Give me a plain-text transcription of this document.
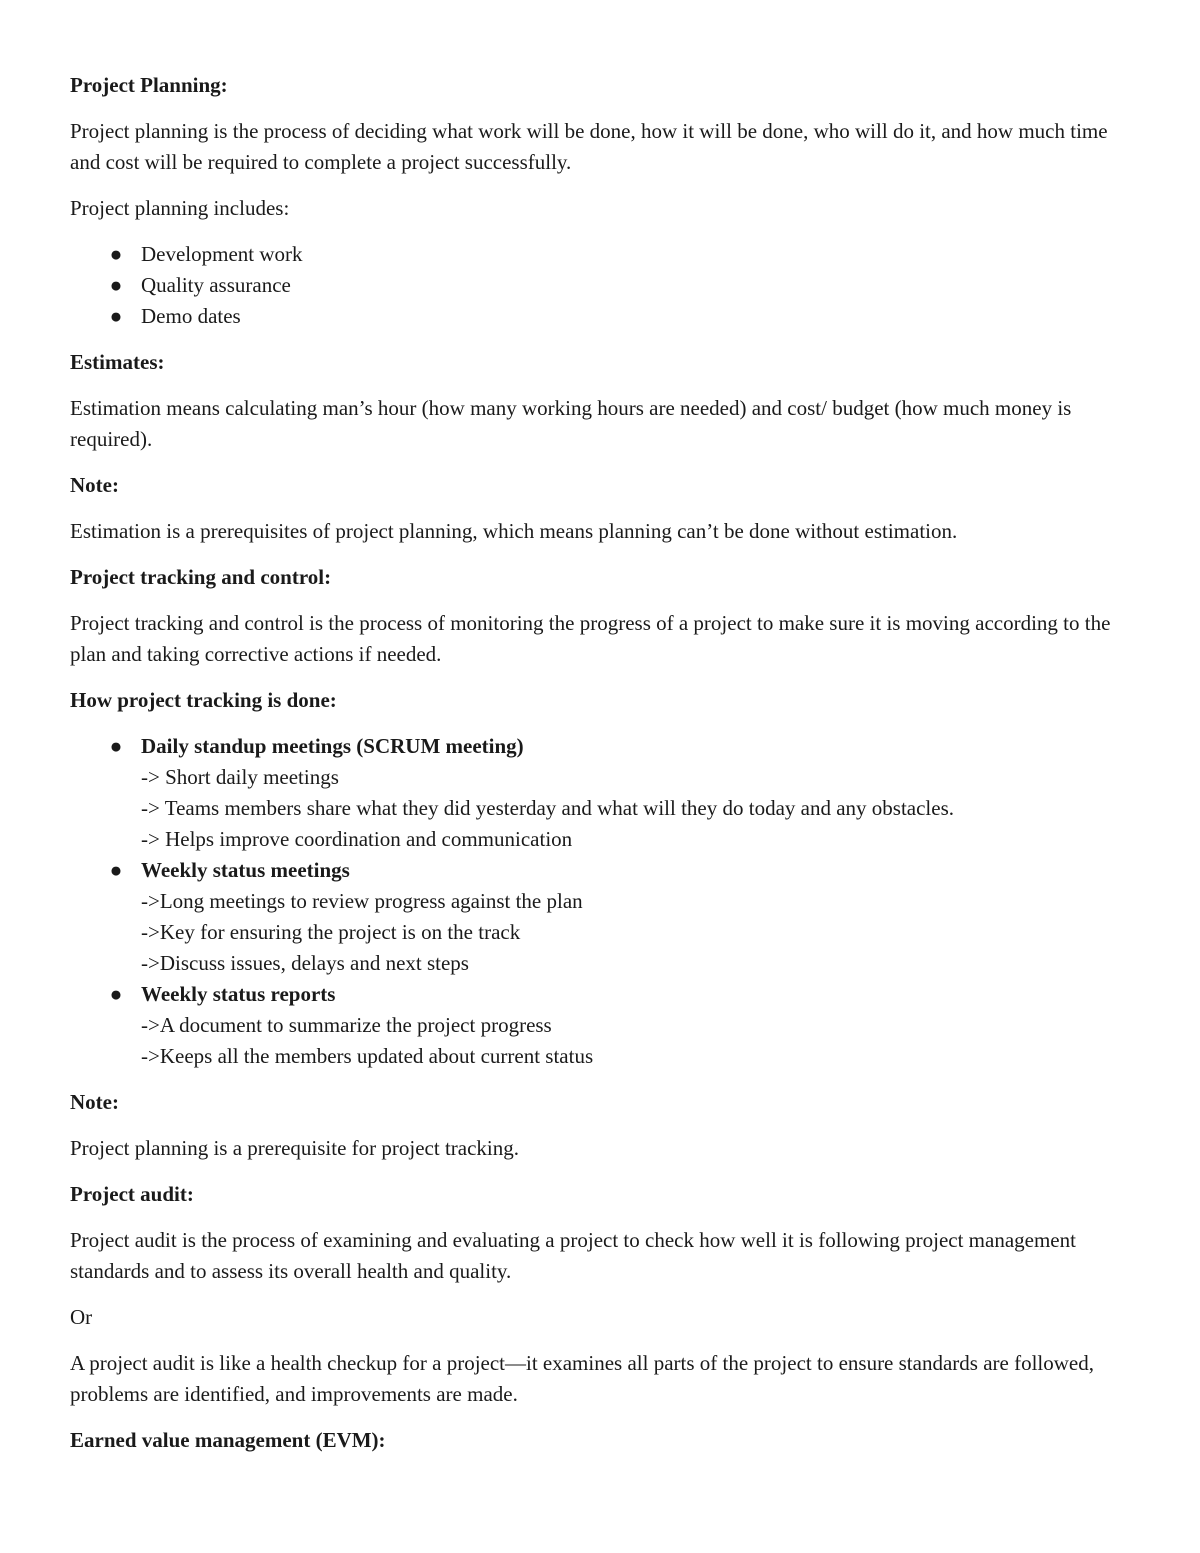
Project Planning:
Project planning is the process of deciding what work will be done, how it will be done, who will do it, and how much time and cost will be required to complete a project successfully.
Project planning includes:
● Development work
● Quality assurance
● Demo dates
Estimates:
Estimation means calculating man’s hour (how many working hours are needed) and cost/ budget (how much money is required).
Note:
Estimation is a prerequisites of project planning, which means planning can’t be done without estimation.
Project tracking and control:
Project tracking and control is the process of monitoring the progress of a project to make sure it is moving according to the plan and taking corrective actions if needed.
How project tracking is done:
● Daily standup meetings (SCRUM meeting)
-> Short daily meetings
-> Teams members share what they did yesterday and what will they do today and any obstacles.
-> Helps improve coordination and communication
● Weekly status meetings
->Long meetings to review progress against the plan
->Key for ensuring the project is on the track
->Discuss issues, delays and next steps
● Weekly status reports
->A document to summarize the project progress
->Keeps all the members updated about current status
Note:
Project planning is a prerequisite for project tracking.
Project audit:
Project audit is the process of examining and evaluating a project to check how well it is following project management standards and to assess its overall health and quality.
Or
A project audit is like a health checkup for a project—it examines all parts of the project to ensure standards are followed, problems are identified, and improvements are made.
Earned value management (EVM):
